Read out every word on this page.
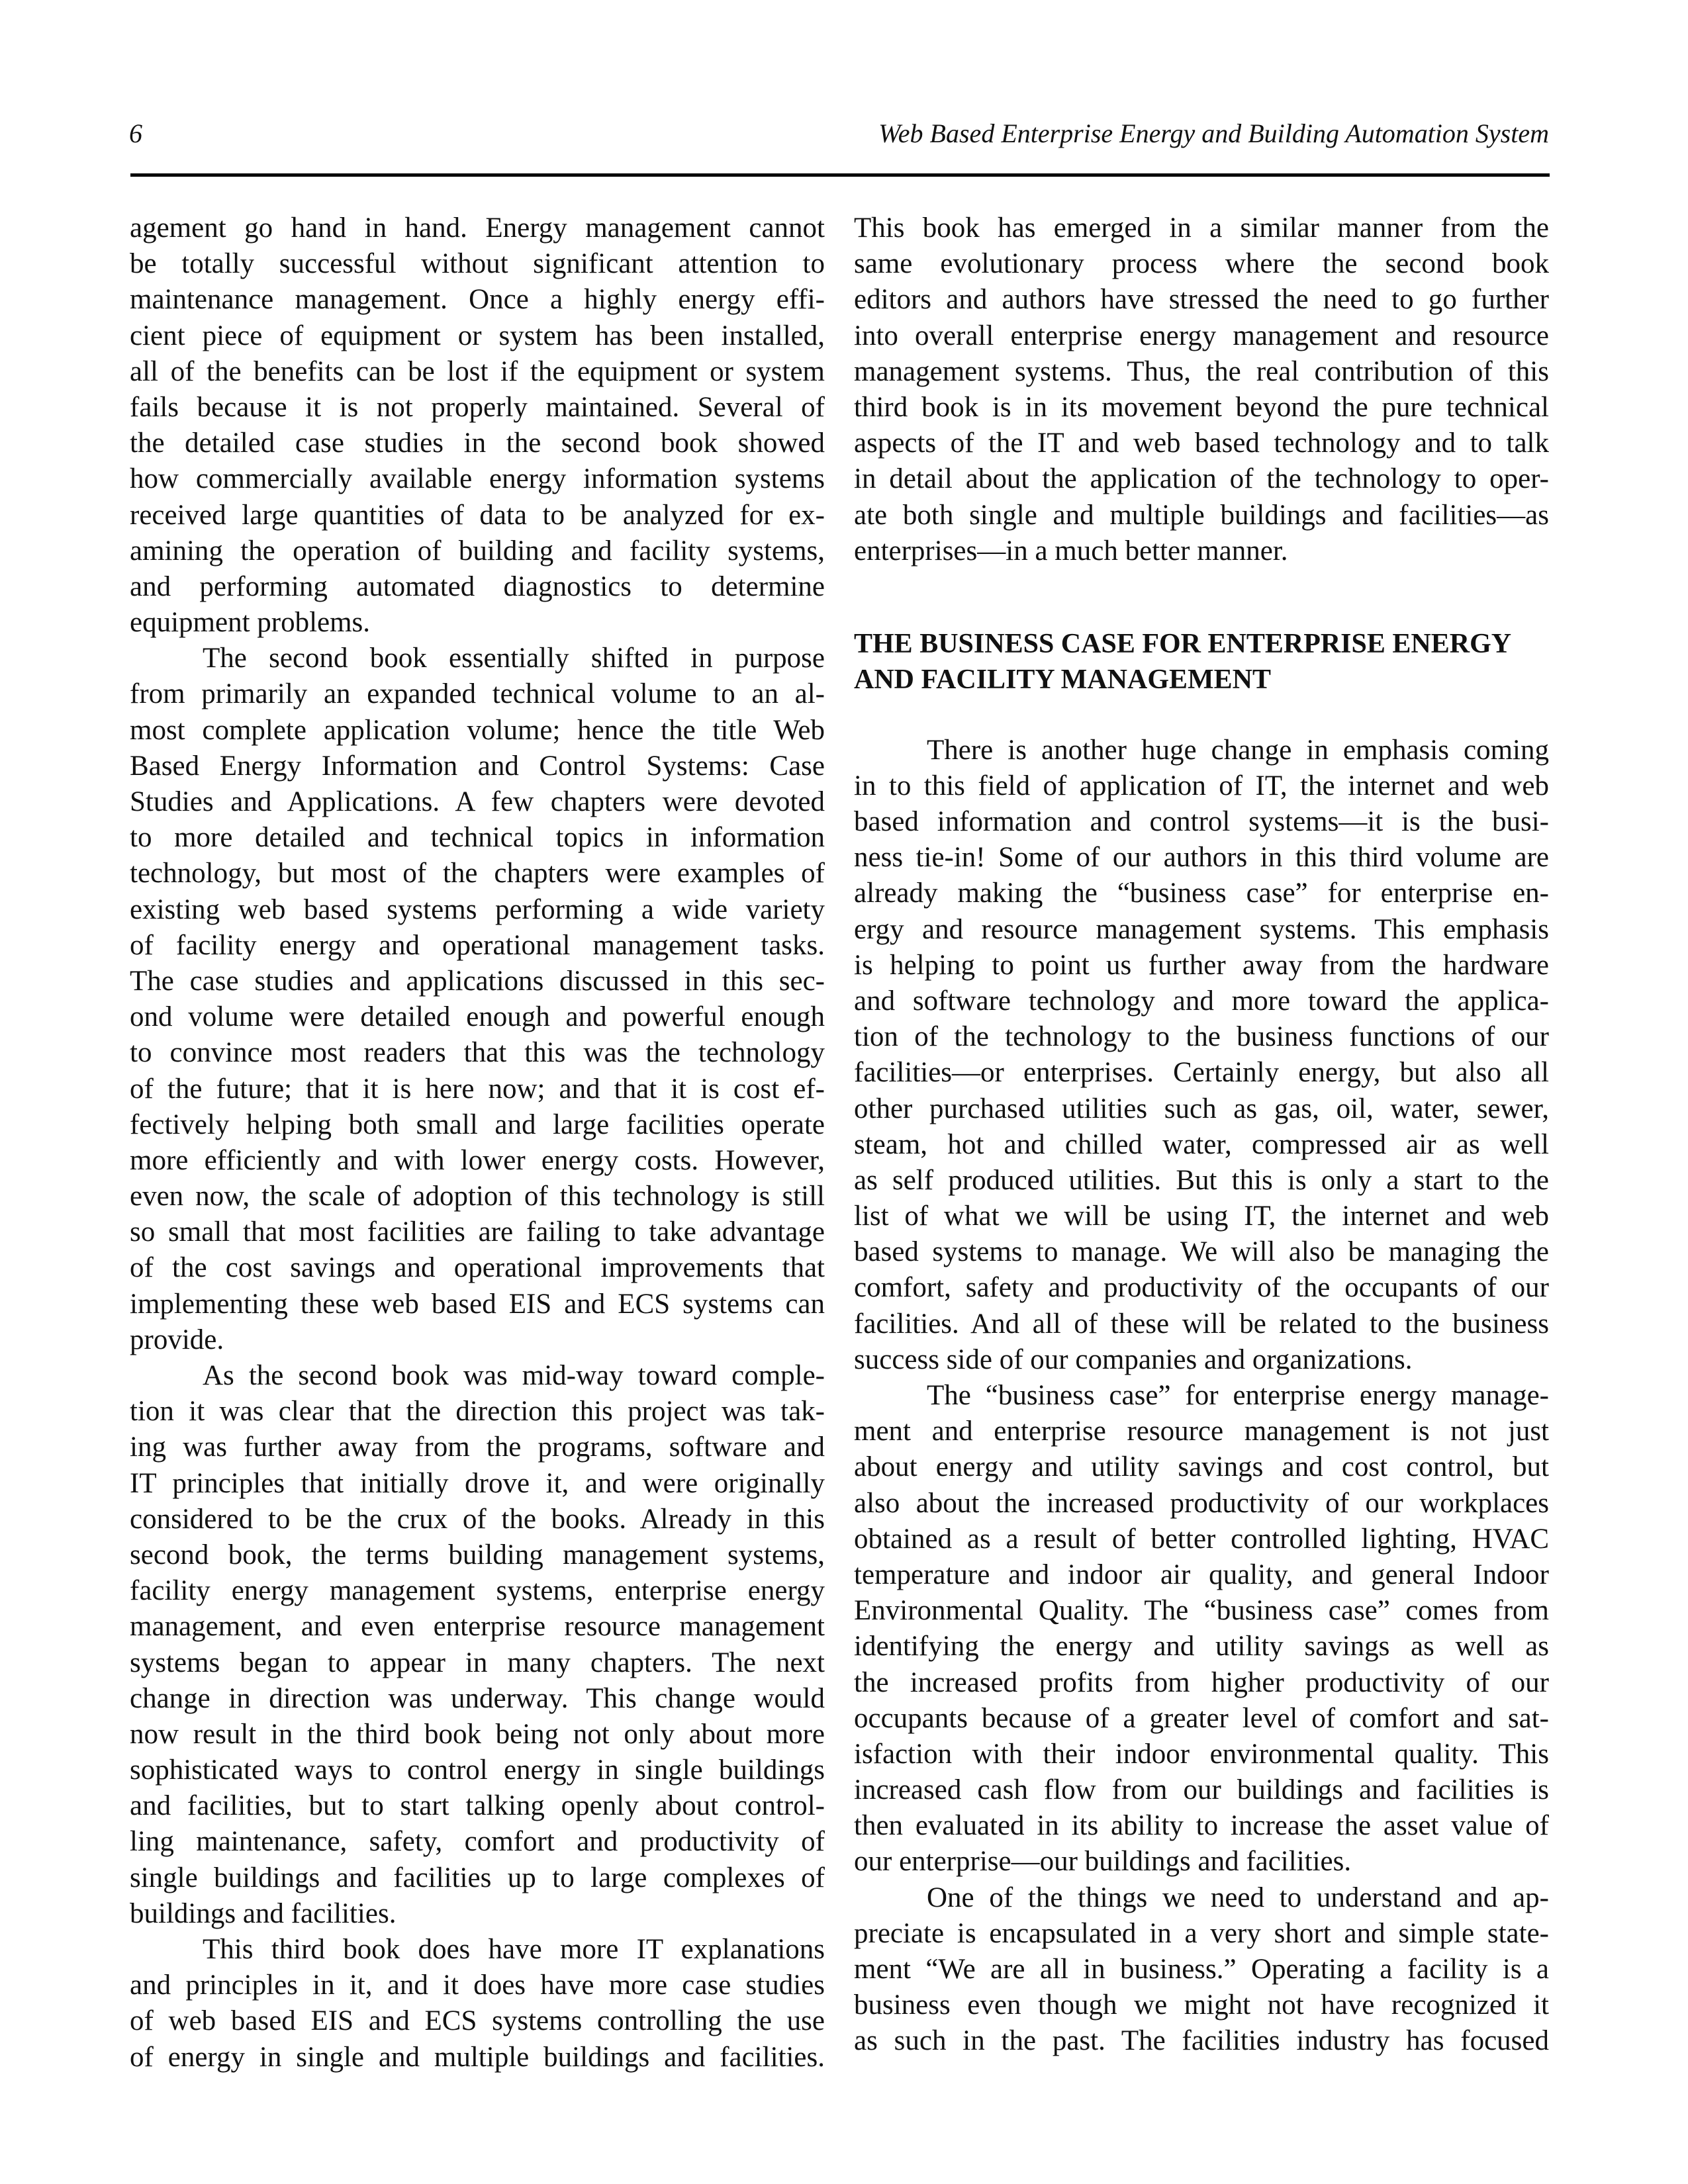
6	Web Based Enterprise Energy and Building Automation System
agement go hand in hand. Energy management cannot
be totally successful without significant attention to
maintenance management. Once a highly energy effi-
cient piece of equipment or system has been installed,
all of the benefits can be lost if the equipment or system
fails because it is not properly maintained. Several of
the detailed case studies in the second book showed
how commercially available energy information systems
received large quantities of data to be analyzed for ex-
amining the operation of building and facility systems,
and performing automated diagnostics to determine
equipment problems.
The second book essentially shifted in purpose
from primarily an expanded technical volume to an al-
most complete application volume; hence the title Web
Based Energy Information and Control Systems: Case
Studies and Applications. A few chapters were devoted
to more detailed and technical topics in information
technology, but most of the chapters were examples of
existing web based systems performing a wide variety
of facility energy and operational management tasks.
The case studies and applications discussed in this sec-
ond volume were detailed enough and powerful enough
to convince most readers that this was the technology
of the future; that it is here now; and that it is cost ef-
fectively helping both small and large facilities operate
more efficiently and with lower energy costs. However,
even now, the scale of adoption of this technology is still
so small that most facilities are failing to take advantage
of the cost savings and operational improvements that
implementing these web based EIS and ECS systems can
provide.
As the second book was mid-way toward comple-
tion it was clear that the direction this project was tak-
ing was further away from the programs, software and
IT principles that initially drove it, and were originally
considered to be the crux of the books. Already in this
second book, the terms building management systems,
facility energy management systems, enterprise energy
management, and even enterprise resource management
systems began to appear in many chapters. The next
change in direction was underway. This change would
now result in the third book being not only about more
sophisticated ways to control energy in single buildings
and facilities, but to start talking openly about control-
ling maintenance, safety, comfort and productivity of
single buildings and facilities up to large complexes of
buildings and facilities.
This third book does have more IT explanations
and principles in it, and it does have more case studies
of web based EIS and ECS systems controlling the use
of energy in single and multiple buildings and facilities.
This book has emerged in a similar manner from the
same evolutionary process where the second book
editors and authors have stressed the need to go further
into overall enterprise energy management and resource
management systems. Thus, the real contribution of this
third book is in its movement beyond the pure technical
aspects of the IT and web based technology and to talk
in detail about the application of the technology to oper-
ate both single and multiple buildings and facilities—as
enterprises—in a much better manner.
THE BUSINESS CASE FOR ENTERPRISE ENERGY
AND FACILITY MANAGEMENT
There is another huge change in emphasis coming
in to this field of application of IT, the internet and web
based information and control systems—it is the busi-
ness tie-in! Some of our authors in this third volume are
already making the “business case” for enterprise en-
ergy and resource management systems. This emphasis
is helping to point us further away from the hardware
and software technology and more toward the applica-
tion of the technology to the business functions of our
facilities—or enterprises. Certainly energy, but also all
other purchased utilities such as gas, oil, water, sewer,
steam, hot and chilled water, compressed air as well
as self produced utilities. But this is only a start to the
list of what we will be using IT, the internet and web
based systems to manage. We will also be managing the
comfort, safety and productivity of the occupants of our
facilities. And all of these will be related to the business
success side of our companies and organizations.
The “business case” for enterprise energy manage-
ment and enterprise resource management is not just
about energy and utility savings and cost control, but
also about the increased productivity of our workplaces
obtained as a result of better controlled lighting, HVAC
temperature and indoor air quality, and general Indoor
Environmental Quality. The “business case” comes from
identifying the energy and utility savings as well as
the increased profits from higher productivity of our
occupants because of a greater level of comfort and sat-
isfaction with their indoor environmental quality. This
increased cash flow from our buildings and facilities is
then evaluated in its ability to increase the asset value of
our enterprise—our buildings and facilities.
One of the things we need to understand and ap-
preciate is encapsulated in a very short and simple state-
ment “We are all in business.” Operating a facility is a
business even though we might not have recognized it
as such in the past. The facilities industry has focused
